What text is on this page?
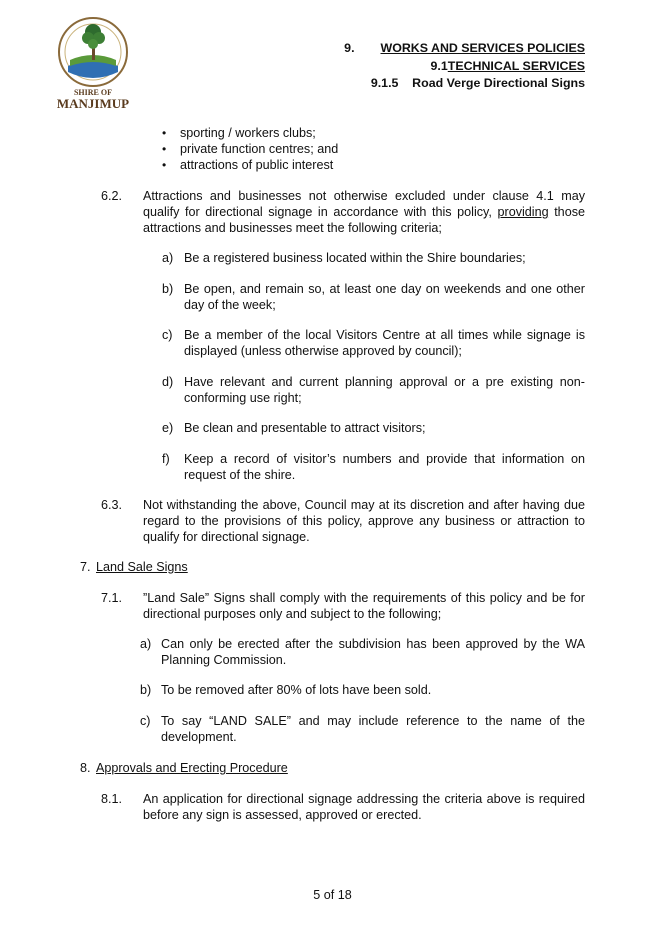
SHIRE OF
MANJIMUP
9. WORKS AND SERVICES POLICIES
9.1TECHNICAL SERVICES
9.1.5    Road Verge Directional Signs
• sporting / workers clubs;
• private function centres; and
• attractions of public interest
6.2. Attractions and businesses not otherwise excluded under clause 4.1 may qualify for directional signage in accordance with this policy, providing those attractions and businesses meet the following criteria;
a) Be a registered business located within the Shire boundaries;
b) Be open, and remain so, at least one day on weekends and one other day of the week;
c) Be a member of the local Visitors Centre at all times while signage is displayed (unless otherwise approved by council);
d) Have relevant and current planning approval or a pre existing non-conforming use right;
e) Be clean and presentable to attract visitors;
f) Keep a record of visitor’s numbers and provide that information on request of the shire.
6.3. Not withstanding the above, Council may at its discretion and after having due regard to the provisions of this policy, approve any business or attraction to qualify for directional signage.
7. Land Sale Signs
7.1. ”Land Sale” Signs shall comply with the requirements of this policy and be for directional purposes only and subject to the following;
a) Can only be erected after the subdivision has been approved by the WA Planning Commission.
b) To be removed after 80% of lots have been sold.
c) To say “LAND SALE” and may include reference to the name of the development.
8. Approvals and Erecting Procedure
8.1. An application for directional signage addressing the criteria above is required before any sign is assessed, approved or erected.
5 of 18
